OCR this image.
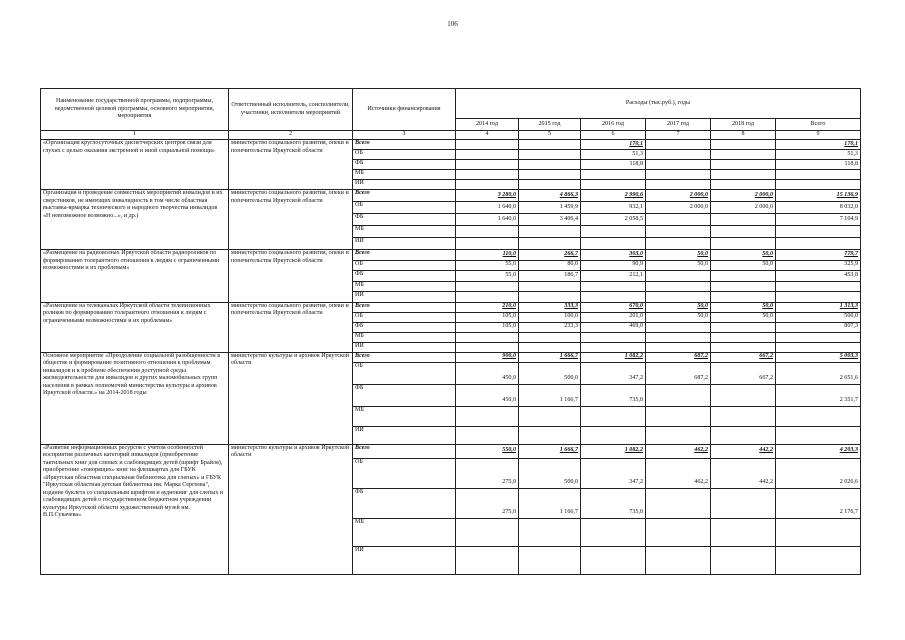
106
Наименование государственной программы, подпрограммы, ведомственной целевой программы, основного мероприятия, мероприятия	Ответственный исполнитель, соисполнители, участники, исполнители мероприятий	Источники финансирования	Расходы (тыс.руб.), годы					
			2014 год	2015 год	2016 год	2017 год	2018 год	Всего
1	2	3	4	5	6	7	8	9
«Организация круглосуточных диспетчерских центров связи для глухих с целью оказания экстренной и иной социальной помощи»	министерство социального развития, опеки и попечительства Иркутской области	Всего			170,1			170,1
		ОБ			51,3			51,3
		ФБ			118,8			118,8
		МБ						
		ИИ						
Организация и проведение совместных мероприятий инвалидов и их сверстников, не имеющих инвалидность в том числе областная выставка-ярмарка технического и народного творчества инвалидов «Н невозможное возможно...», и др.)	министерство социального развития, опеки и попечительства Иркутской области	Всего	3 280,0	4 866,3	2 990,6	2 000,0	2 000,0	15 136,9
		ОБ	1 640,0	1 459,9	932,1	2 000,0	2 000,0	8 032,0
		ФБ	1 640,0	3 406,4	2 058,5			7 104,9
		МБ						
		ИИ						
«Размещение на радиоволнах Иркутской области радиороликов по формированию толерантного отношения к людям с ограниченными возможностями и их проблемам»	министерство социального развития, опеки и попечительства Иркутской области	Всего	110,0	266,7	303,0	50,0	50,0	779,7
		ОБ	55,0	80,0	90,9	50,0	50,0	325,9
		ФБ	55,0	186,7	212,1			453,8
		МБ						
		ИИ						
«Размещение на телеканалах Иркутской области телевизионных роликов по формированию толерантного отношения к людям с ограниченными возможностями и их проблемам»	министерство социального развития, опеки и попечительства Иркутской области	Всего	210,0	333,3	670,0	50,0	50,0	1 313,3
		ОБ	105,0	100,0	201,0	50,0	50,0	506,0
		ФБ	105,0	233,3	469,0			807,3
		МБ						
		ИИ						
Основное мероприятие «Преодоление социальной разобщенности в обществе и формирование позитивного отношения к проблемам инвалидов и к проблеме обеспечения доступной среды жизнедеятельности для инвалидов и других маломобильных групп населения в рамках полномочий министерства культуры и архивов Иркутской области.» на 2014-2018 годы	министерство культуры и архивов Иркутской области	Всего	900,0	1 666,7	1 082,2	687,2	667,2	5 003,3
		ОБ	450,0	500,0	347,2	687,2	667,2	2 651,6
		ФБ	450,0	1 166,7	735,0			2 351,7
		МБ						
		ИИ						
«Развитие информационных ресурсов с учетом особенностей восприятия различных категорий инвалидов (приобретение тактильных книг для слепых и слабовидящих детей (шрифт Брайля), приобретение «говорящих» книг на флешкартах для ГБУК «Иркутская областная специальная библиотека для слепых» и ГБУК "Иркутская областная детская библиотека им. Марка Сергеева", издание буклета со специальным шрифтом и аудиокниг для слепых и слабовидящих детей о государственном бюджетном учреждении культуры Иркутской области художественный музей им. В.П.Сукачева»	министерство культуры и архивов Иркутской области	Всего	550,0	1 666,7	1 082,2	462,2	442,2	4 203,3
		ОБ	275,0	500,0	347,2	462,2	442,2	2 026,6
		ФБ	275,0	1 166,7	735,0			2 176,7
		МБ						
		ИИ						
